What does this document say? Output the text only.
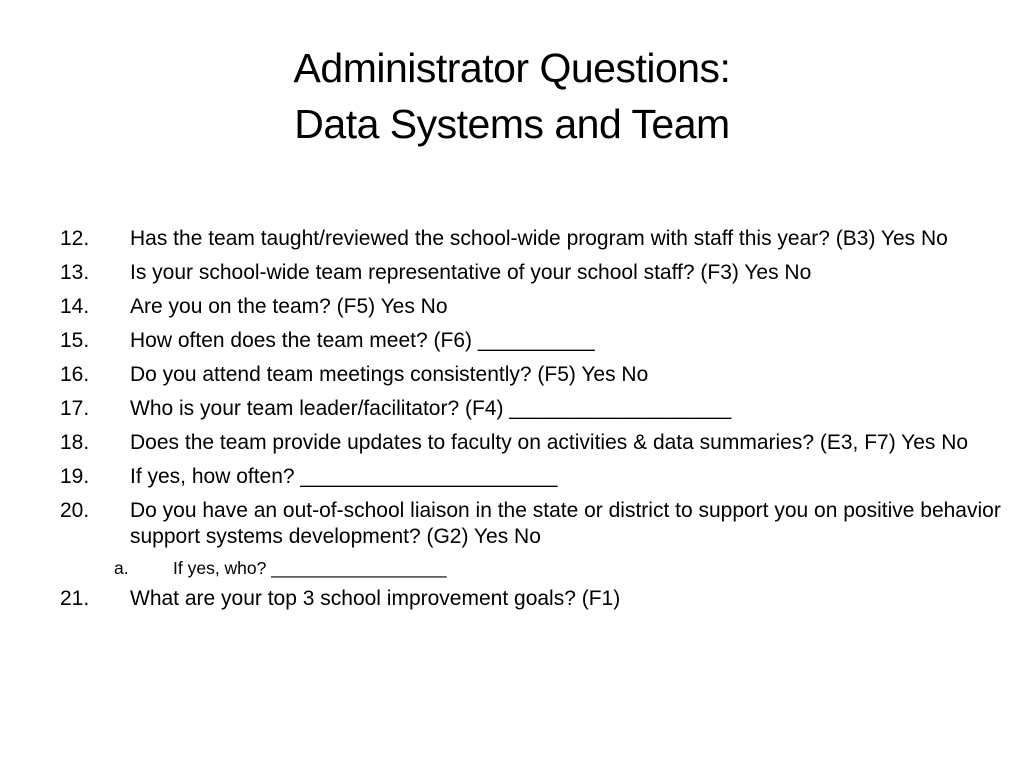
Administrator Questions:
Data Systems and Team
12. Has the team taught/reviewed the school-wide program with staff this year? (B3) Yes No
13. Is your school-wide team representative of your school staff? (F3) Yes No
14. Are you on the team? (F5) Yes No
15. How often does the team meet? (F6) __________
16. Do you attend team meetings consistently? (F5) Yes No
17. Who is your team leader/facilitator? (F4) ___________________
18. Does the team provide updates to faculty on activities & data summaries? (E3, F7) Yes No
19. If yes, how often? ______________________
20. Do you have an out-of-school liaison in the state or district to support you on positive behavior support systems development? (G2) Yes No
a.	If yes, who? __________________
21. What are your top 3 school improvement goals? (F1)
